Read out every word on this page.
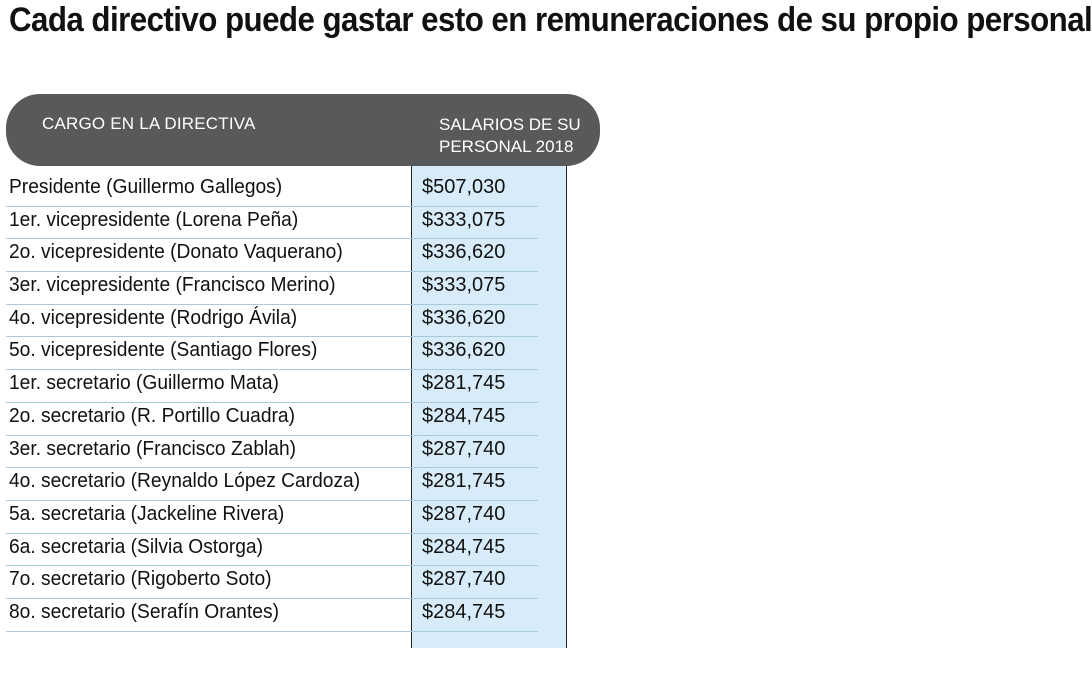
Cada directivo puede gastar esto en remuneraciones de su propio personal
CARGO EN LA DIRECTIVA	SALARIOS DE SU
PERSONAL 2018
Presidente (Guillermo Gallegos)	$507,030
1er. vicepresidente (Lorena Peña)	$333,075
2o. vicepresidente (Donato Vaquerano)	$336,620
3er. vicepresidente (Francisco Merino)	$333,075
4o. vicepresidente (Rodrigo Ávila)	$336,620
5o. vicepresidente (Santiago Flores)	$336,620
1er. secretario (Guillermo Mata)	$281,745
2o. secretario (R. Portillo Cuadra)	$284,745
3er. secretario (Francisco Zablah)	$287,740
4o. secretario (Reynaldo López Cardoza)	$281,745
5a. secretaria (Jackeline Rivera)	$287,740
6a. secretaria (Silvia Ostorga)	$284,745
7o. secretario (Rigoberto Soto)	$287,740
8o. secretario (Serafín Orantes)	$284,745
